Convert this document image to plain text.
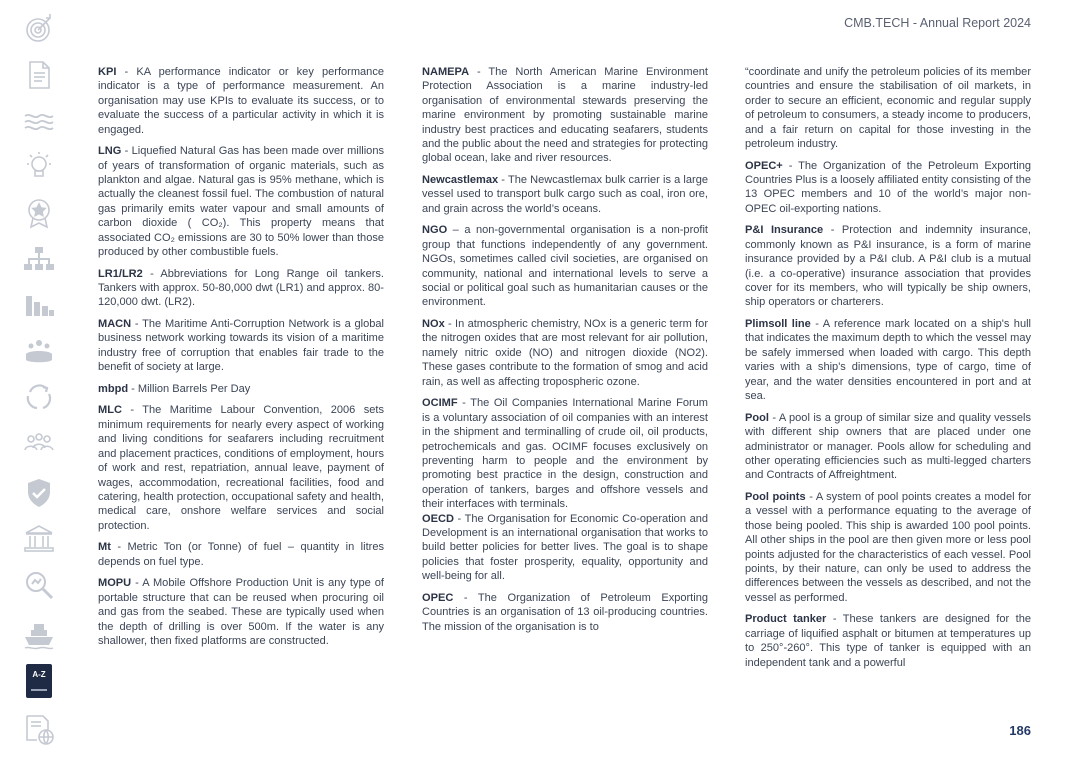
CMB.TECH - Annual Report 2024
A-Z

KPI - KA performance indicator or key performance indicator is a type of performance measurement. An organisation may use KPIs to evaluate its success, or to evaluate the success of a particular activity in which it is engaged.

LNG - Liquefied Natural Gas has been made over millions of years of transformation of organic materials, such as plankton and algae. Natural gas is 95% methane, which is actually the cleanest fossil fuel. The combustion of natural gas primarily emits water vapour and small amounts of carbon dioxide ( CO₂). This property means that associated CO₂ emissions are 30 to 50% lower than those produced by other combustible fuels.

LR1/LR2 - Abbreviations for Long Range oil tankers. Tankers with approx. 50-80,000 dwt (LR1) and approx. 80-120,000 dwt. (LR2).

MACN - The Maritime Anti-Corruption Network is a global business network working towards its vision of a maritime industry free of corruption that enables fair trade to the benefit of society at large.

mbpd - Million Barrels Per Day

MLC - The Maritime Labour Convention, 2006 sets minimum requirements for nearly every aspect of working and living conditions for seafarers including recruitment and placement practices, conditions of employment, hours of work and rest, repatriation, annual leave, payment of wages, accommodation, recreational facilities, food and catering, health protection, occupational safety and health, medical care, onshore welfare services and social protection.

Mt - Metric Ton (or Tonne) of fuel – quantity in litres depends on fuel type.

MOPU - A Mobile Offshore Production Unit is any type of portable structure that can be reused when procuring oil and gas from the seabed. These are typically used when the depth of drilling is over 500m. If the water is any shallower, then fixed platforms are constructed.

NAMEPA - The North American Marine Environment Protection Association is a marine industry-led organisation of environmental stewards preserving the marine environment by promoting sustainable marine industry best practices and educating seafarers, students and the public about the need and strategies for protecting global ocean, lake and river resources.

Newcastlemax - The Newcastlemax bulk carrier is a large vessel used to transport bulk cargo such as coal, iron ore, and grain across the world’s oceans.

NGO – a non-governmental organisation is a non-profit group that functions independently of any government. NGOs, sometimes called civil societies, are organised on community, national and international levels to serve a social or political goal such as humanitarian causes or the environment.

NOx - In atmospheric chemistry, NOx is a generic term for the nitrogen oxides that are most relevant for air pollution, namely nitric oxide (NO) and nitrogen dioxide (NO2). These gases contribute to the formation of smog and acid rain, as well as affecting tropospheric ozone.

OCIMF - The Oil Companies International Marine Forum is a voluntary association of oil companies with an interest in the shipment and terminalling of crude oil, oil products, petrochemicals and gas. OCIMF focuses exclusively on preventing harm to people and the environment by promoting best practice in the design, construction and operation of tankers, barges and offshore vessels and their interfaces with terminals.

OECD - The Organisation for Economic Co-operation and Development is an international organisation that works to build better policies for better lives. The goal is to shape policies that foster prosperity, equality, opportunity and well-being for all.

OPEC - The Organization of Petroleum Exporting Countries is an organisation of 13 oil-producing countries. The mission of the organisation is to

“coordinate and unify the petroleum policies of its member countries and ensure the stabilisation of oil markets, in order to secure an efficient, economic and regular supply of petroleum to consumers, a steady income to producers, and a fair return on capital for those investing in the petroleum industry.

OPEC+ - The Organization of the Petroleum Exporting Countries Plus is a loosely affiliated entity consisting of the 13 OPEC members and 10 of the world’s major non-OPEC oil-exporting nations.

P&I Insurance - Protection and indemnity insurance, commonly known as P&I insurance, is a form of marine insurance provided by a P&I club. A P&I club is a mutual (i.e. a co-operative) insurance association that provides cover for its members, who will typically be ship owners, ship operators or charterers.

Plimsoll line - A reference mark located on a ship's hull that indicates the maximum depth to which the vessel may be safely immersed when loaded with cargo. This depth varies with a ship's dimensions, type of cargo, time of year, and the water densities encountered in port and at sea.

Pool - A pool is a group of similar size and quality vessels with different ship owners that are placed under one administrator or manager. Pools allow for scheduling and other operating efficiencies such as multi-legged charters and Contracts of Affreightment.

Pool points - A system of pool points creates a model for a vessel with a performance equating to the average of those being pooled. This ship is awarded 100 pool points. All other ships in the pool are then given more or less pool points adjusted for the characteristics of each vessel. Pool points, by their nature, can only be used to address the differences between the vessels as described, and not the vessel as performed.

Product tanker - These tankers are designed for the carriage of liquified asphalt or bitumen at temperatures up to 250°-260°. This type of tanker is equipped with an independent tank and a powerful

186
